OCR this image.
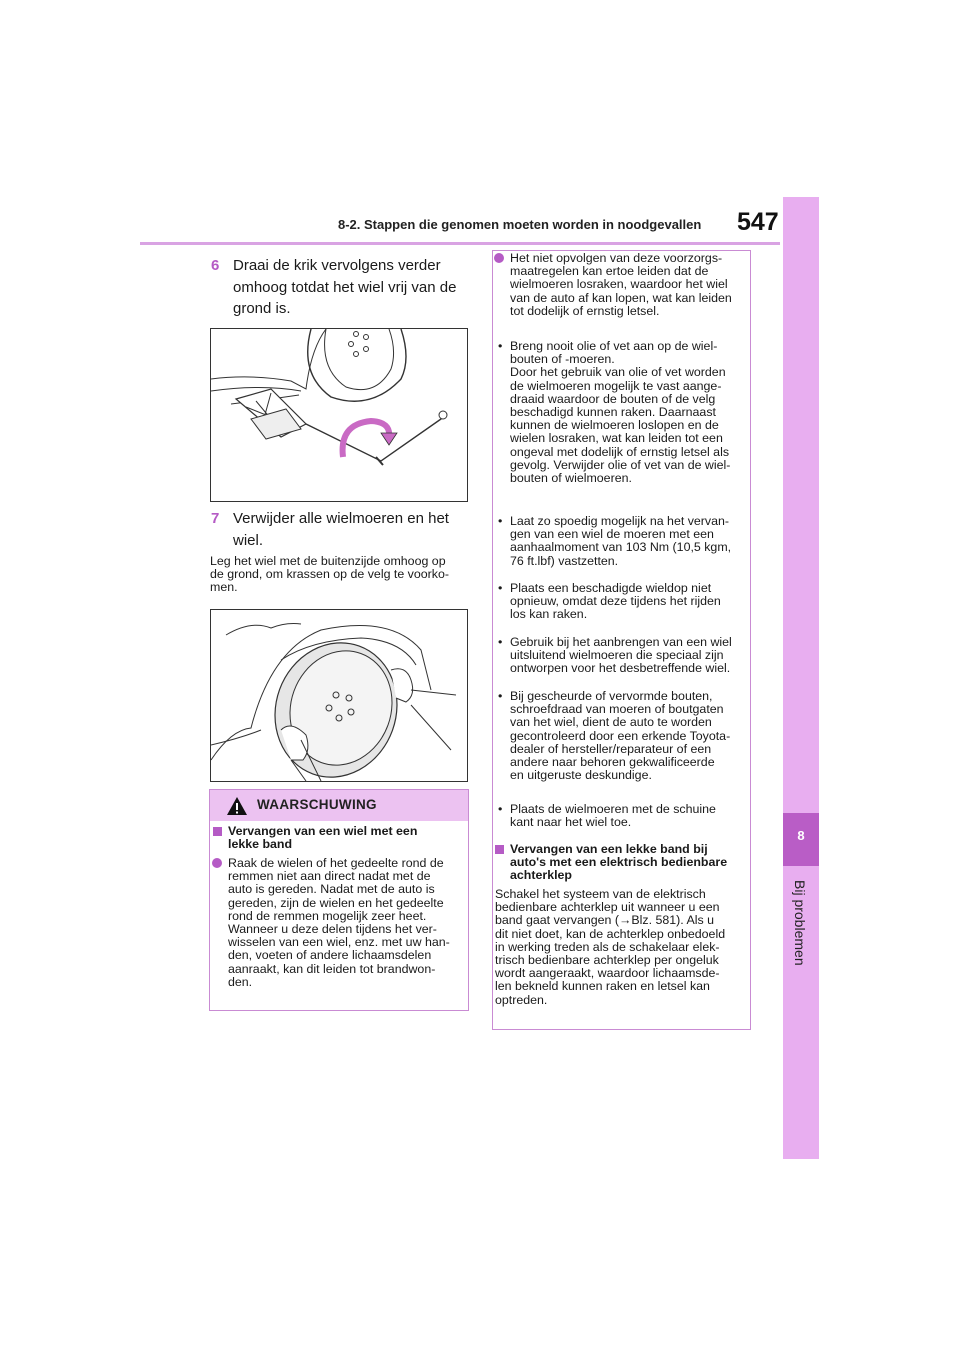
8-2. Stappen die genomen moeten worden in noodgevallen 547
8
Bij problemen
6 Draai de krik vervolgens verder
omhoog totdat het wiel vrij van de
grond is.
7 Verwijder alle wielmoeren en het
wiel.
Leg het wiel met de buitenzijde omhoog op
de grond, om krassen op de velg te voorko-
men.
WAARSCHUWING
Vervangen van een wiel met een
lekke band
Raak de wielen of het gedeelte rond de
remmen niet aan direct nadat met de
auto is gereden. Nadat met de auto is
gereden, zijn de wielen en het gedeelte
rond de remmen mogelijk zeer heet.
Wanneer u deze delen tijdens het ver-
wisselen van een wiel, enz. met uw han-
den, voeten of andere lichaamsdelen
aanraakt, kan dit leiden tot brandwon-
den.
Het niet opvolgen van deze voorzorgs-
maatregelen kan ertoe leiden dat de
wielmoeren losraken, waardoor het wiel
van de auto af kan lopen, wat kan leiden
tot dodelijk of ernstig letsel.
• Breng nooit olie of vet aan op de wiel-
bouten of -moeren.
Door het gebruik van olie of vet worden
de wielmoeren mogelijk te vast aange-
draaid waardoor de bouten of de velg
beschadigd kunnen raken. Daarnaast
kunnen de wielmoeren loslopen en de
wielen losraken, wat kan leiden tot een
ongeval met dodelijk of ernstig letsel als
gevolg. Verwijder olie of vet van de wiel-
bouten of wielmoeren.
• Laat zo spoedig mogelijk na het vervan-
gen van een wiel de moeren met een
aanhaalmoment van 103 Nm (10,5 kgm,
76 ft.lbf) vastzetten.
• Plaats een beschadigde wieldop niet
opnieuw, omdat deze tijdens het rijden
los kan raken.
• Gebruik bij het aanbrengen van een wiel
uitsluitend wielmoeren die speciaal zijn
ontworpen voor het desbetreffende wiel.
• Bij gescheurde of vervormde bouten,
schroefdraad van moeren of boutgaten
van het wiel, dient de auto te worden
gecontroleerd door een erkende Toyota-
dealer of hersteller/reparateur of een
andere naar behoren gekwalificeerde
en uitgeruste deskundige.
• Plaats de wielmoeren met de schuine
kant naar het wiel toe.
Vervangen van een lekke band bij
auto's met een elektrisch bedienbare
achterklep
Schakel het systeem van de elektrisch
bedienbare achterklep uit wanneer u een
band gaat vervangen (→Blz. 581). Als u
dit niet doet, kan de achterklep onbedoeld
in werking treden als de schakelaar elek-
trisch bedienbare achterklep per ongeluk
wordt aangeraakt, waardoor lichaamsde-
len bekneld kunnen raken en letsel kan
optreden.
